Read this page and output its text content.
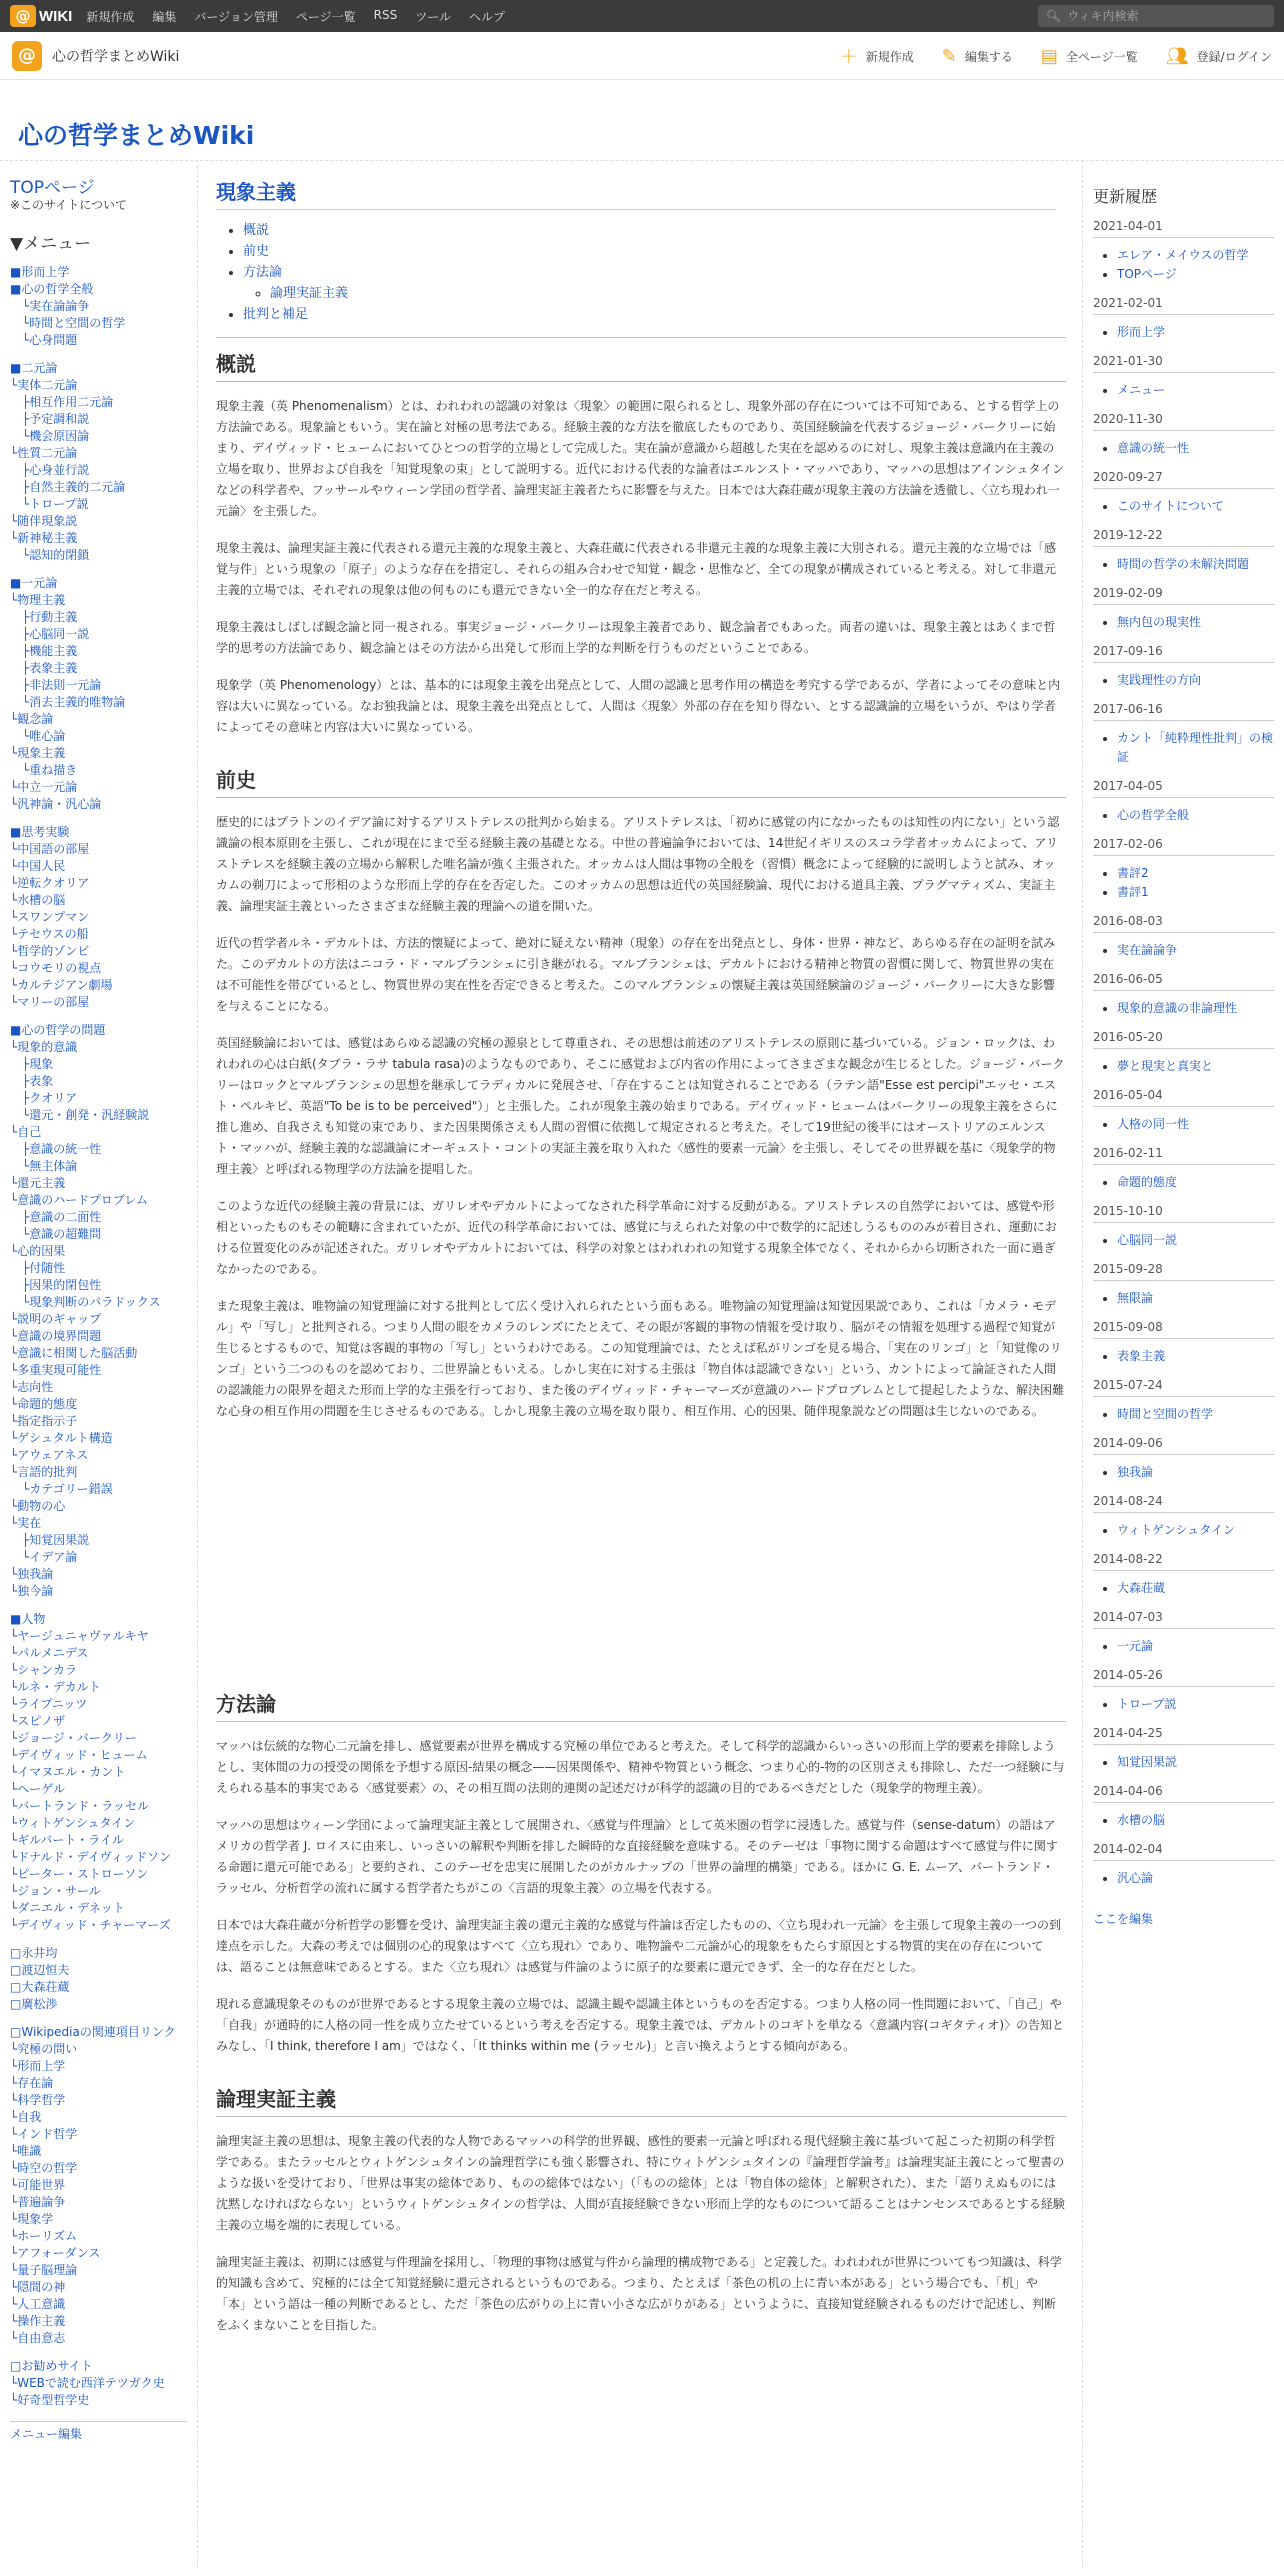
@ WIKI 新規作成 編集 バージョン管理 ページ一覧 RSS ツール ヘルプ	🔍︎
ウィキ内検索
@	心の哲学まとめWiki	＋ 新規作成 ✎ 編集する ▤ 全ページ一覧 👥︎ 登録/ログイン
心の哲学まとめWiki
TOPページ
※このサイトについて
▼メニュー
■形而上学
■心の哲学全般
　└実在論論争
　└時間と空間の哲学
　└心身問題
■二元論
└実体二元論
　├相互作用二元論
　├予定調和説
　└機会原因論
└性質二元論
　├心身並行説
　├自然主義的二元論
　└トロープ説
└随伴現象説
└新神秘主義
　└認知的閉鎖
■一元論
└物理主義
　├行動主義
　├心脳同一説
　├機能主義
　├表象主義
　├非法則一元論
　└消去主義的唯物論
└観念論
　└唯心論
└現象主義
　└重ね描き
└中立一元論
└汎神論・汎心論
■思考実験
└中国語の部屋
└中国人民
└逆転クオリア
└水槽の脳
└スワンプマン
└テセウスの船
└哲学的ゾンビ
└コウモリの視点
└カルテジアン劇場
└マリーの部屋
■心の哲学の問題
└現象的意識
　├現象
　├表象
　├クオリア
　└還元・創発・汎経験説
└自己
　├意識の統一性
　└無主体論
└還元主義
└意識のハードプロブレム
　├意識の二面性
　└意識の超難問
└心的因果
　├付随性
　├因果的閉包性
　└現象判断のパラドックス
└説明のギャップ
└意識の境界問題
└意識に相関した脳活動
└多重実現可能性
└志向性
└命題的態度
└指定指示子
└ゲシュタルト構造
└アウェアネス
└言語的批判
　└カテゴリー錯誤
└動物の心
└実在
　├知覚因果説
　└イデア論
└独我論
└独今論
■人物
└ヤージュニャヴァルキヤ
└パルメニデス
└シャンカラ
└ルネ・デカルト
└ライプニッツ
└スピノザ
└ジョージ・バークリー
└デイヴィッド・ヒューム
└イマヌエル・カント
└ヘーゲル
└バートランド・ラッセル
└ウィトゲンシュタイン
└ギルバート・ライル
└ドナルド・デイヴィッドソン
└ピーター・ストローソン
└ジョン・サール
└ダニエル・デネット
└デイヴィッド・チャーマーズ
□永井均
□渡辺恒夫
□大森荘蔵
□廣松渉
□Wikipediaの関連項目リンク
└究極の問い
└形而上学
└存在論
└科学哲学
└自我
└インド哲学
└唯識
└時空の哲学
└可能世界
└普遍論争
└現象学
└ホーリズム
└アフォーダンス
└量子脳理論
└隠間の神
└人工意識
└操作主義
└自由意志
□お勧めサイト
└WEBで読む西洋テツガク史
└好奇型哲学史
メニュー編集
現象主義
• 概説
• 前史
• 方法論
◦ 論理実証主義
• 批判と補足
概説

現象主義（英 Phenomenalism）とは、われわれの認識の対象は〈現象〉の範囲に限られるとし、現象外部の存在については不可知である、とする哲学上の方法論である。現象論ともいう。実在論と対極の思考法である。経験主義的な方法を徹底したものであり、英国経験論を代表するジョージ・バークリーに始まり、デイヴィッド・ヒュームにおいてひとつの哲学的立場として完成した。実在論が意識から超越した実在を認めるのに対し、現象主義は意識内在主義の立場を取り、世界および自我を「知覚現象の束」として説明する。近代における代表的な論者はエルンスト・マッハであり、マッハの思想はアインシュタインなどの科学者や、フッサールやウィーン学団の哲学者、論理実証主義者たちに影響を与えた。日本では大森荘蔵が現象主義の方法論を透徹し、〈立ち現われ一元論〉を主張した。

現象主義は、論理実証主義に代表される還元主義的な現象主義と、大森荘蔵に代表される非還元主義的な現象主義に大別される。還元主義的な立場では「感覚与件」という現象の「原子」のような存在を措定し、それらの組み合わせで知覚・観念・思惟など、全ての現象が構成されていると考える。対して非還元主義的立場では、それぞれの現象は他の何ものにも還元できない全一的な存在だと考える。

現象主義はしばしば観念論と同一視される。事実ジョージ・バークリーは現象主義者であり、観念論者でもあった。両者の違いは、現象主義とはあくまで哲学的思考の方法論であり、観念論とはその方法から出発して形而上学的な判断を行うものだということである。

現象学（英 Phenomenology）とは、基本的には現象主義を出発点として、人間の認識と思考作用の構造を考究する学であるが、学者によってその意味と内容は大いに異なっている。なお独我論とは、現象主義を出発点として、人間は〈現象〉外部の存在を知り得ない、とする認識論的立場をいうが、やはり学者によってその意味と内容は大いに異なっている。

前史

歴史的にはプラトンのイデア論に対するアリストテレスの批判から始まる。アリストテレスは、「初めに感覚の内になかったものは知性の内にない」という認識論の根本原則を主張し、これが現在にまで至る経験主義の基礎となる。中世の普遍論争においては、14世紀イギリスのスコラ学者オッカムによって、アリストテレスを経験主義の立場から解釈した唯名論が強く主張された。オッカムは人間は事物の全般を（習慣）概念によって経験的に説明しようと試み、オッカムの剃刀によって形相のような形而上学的存在を否定した。このオッカムの思想は近代の英国経験論、現代における道具主義、プラグマティズム、実証主義、論理実証主義といったさまざまな経験主義的理論への道を開いた。

近代の哲学者ルネ・デカルトは、方法的懐疑によって、絶対に疑えない精神（現象）の存在を出発点とし、身体・世界・神など、あらゆる存在の証明を試みた。このデカルトの方法はニコラ・ド・マルブランシェに引き継がれる。マルブランシェは、デカルトにおける精神と物質の習慣に関して、物質世界の実在は不可能性を帯びているとし、物質世界の実在性を否定できると考えた。このマルブランシェの懐疑主義は英国経験論のジョージ・バークリーに大きな影響を与えることになる。

英国経験論においては、感覚はあらゆる認識の究極の源泉として尊重され、その思想は前述のアリストテレスの原則に基づいている。ジョン・ロックは、われわれの心は白紙(タブラ・ラサ tabula rasa)のようなものであり、そこに感覚および内省の作用によってさまざまな観念が生じるとした。ジョージ・バークリーはロックとマルブランシェの思想を継承してラディカルに発展させ、「存在することは知覚されることである（ラテン語"Esse est percipi"エッセ・エスト・ペルキピ、英語"To be is to be perceived"）」と主張した。これが現象主義の始まりである。デイヴィッド・ヒュームはバークリーの現象主義をさらに推し進め、自我さえも知覚の束であり、また因果関係さえも人間の習慣に依拠して規定されると考えた。そして19世紀の後半にはオーストリアのエルンスト・マッハが、経験主義的な認識論にオーギュスト・コントの実証主義を取り入れた〈感性的要素一元論〉を主張し、そしてその世界観を基に〈現象学的物理主義〉と呼ばれる物理学の方法論を提唱した。

このような近代の経験主義の背景には、ガリレオやデカルトによってなされた科学革命に対する反動がある。アリストテレスの自然学においては、感覚や形相といったものもその範疇に含まれていたが、近代の科学革命においては、感覚に与えられた対象の中で数学的に記述しうるもののみが着目され、運動における位置変化のみが記述された。ガリレオやデカルトにおいては、科学の対象とはわれわれの知覚する現象全体でなく、それからから切断された一面に過ぎなかったのである。

また現象主義は、唯物論の知覚理論に対する批判として広く受け入れられたという面もある。唯物論の知覚理論は知覚因果説であり、これは「カメラ・モデル」や「写し」と批判される。つまり人間の眼をカメラのレンズにたとえて、その眼が客観的事物の情報を受け取り、脳がその情報を処理する過程で知覚が生じるとするもので、知覚は客観的事物の「写し」というわけである。この知覚理論では、たとえば私がリンゴを見る場合、「実在のリンゴ」と「知覚像のリンゴ」という二つのものを認めており、二世界論ともいえる。しかし実在に対する主張は「物自体は認識できない」という、カントによって論証された人間の認識能力の限界を超えた形而上学的な主張を行っており、また後のデイヴィッド・チャーマーズが意識のハードプロブレムとして提起したような、解決困難な心身の相互作用の問題を生じさせるものである。しかし現象主義の立場を取り限り、相互作用、心的因果、随伴現象説などの問題は生じないのである。

方法論

マッハは伝統的な物心二元論を排し、感覚要素が世界を構成する究極の単位であると考えた。そして科学的認識からいっさいの形而上学的要素を排除しようとし、実体間の力の授受の関係を予想する原因-結果の概念——因果関係や、精神や物質という概念、つまり心的-物的の区別さえも排除し、ただ一つ経験に与えられる基本的事実である〈感覚要素〉の、その相互間の法則的連関の記述だけが科学的認識の目的であるべきだとした（現象学的物理主義）。

マッハの思想はウィーン学団によって論理実証主義として展開され、〈感覚与件理論〉として英米圏の哲学に浸透した。感覚与件（sense-datum）の語はアメリカの哲学者 J. ロイスに由来し、いっさいの解釈や判断を排した瞬時的な直接経験を意味する。そのテーゼは「事物に関する命題はすべて感覚与件に関する命題に還元可能である」と要約され、このテーゼを忠実に展開したのがカルナップの「世界の論理的構築」である。ほかに G. E. ムーア、バートランド・ラッセル、分析哲学の流れに属する哲学者たちがこの〈言語的現象主義〉の立場を代表する。

日本では大森荘蔵が分析哲学の影響を受け、論理実証主義の還元主義的な感覚与件論は否定したものの、〈立ち現われ一元論〉を主張して現象主義の一つの到達点を示した。大森の考えでは個別の心的現象はすべて〈立ち現れ〉であり、唯物論や二元論が心的現象をもたらす原因とする物質的実在の存在については、語ることは無意味であるとする。また〈立ち現れ〉は感覚与件論のように原子的な要素に還元できず、全一的な存在だとした。

現れる意識現象そのものが世界であるとする現象主義の立場では、認識主観や認識主体というものを否定する。つまり人格の同一性問題において、「自己」や「自我」が通時的に人格の同一性を成り立たせているという考えを否定する。現象主義では、デカルトのコギトを単なる〈意識内容(コギタティオ)〉の告知とみなし、「I think, therefore I am」ではなく、「It thinks within me (ラッセル)」と言い換えようとする傾向がある。

論理実証主義

論理実証主義の思想は、現象主義の代表的な人物であるマッハの科学的世界観、感性的要素一元論と呼ばれる現代経験主義に基づいて起こった初期の科学哲学である。またラッセルとウィトゲンシュタインの論理哲学にも強く影響され、特にウィトゲンシュタインの『論理哲学論考』は論理実証主義にとって聖書のような扱いを受けており、「世界は事実の総体であり、ものの総体ではない」（「ものの総体」とは「物自体の総体」と解釈された）、また「語りえぬものには沈黙しなければならない」というウィトゲンシュタインの哲学は、人間が直接経験できない形而上学的なものについて語ることはナンセンスであるとする経験主義の立場を端的に表現している。

論理実証主義は、初期には感覚与件理論を採用し、「物理的事物は感覚与件から論理的構成物である」と定義した。われわれが世界についてもつ知識は、科学的知識も含めて、究極的には全て知覚経験に還元されるというものである。つまり、たとえば「茶色の机の上に青い本がある」という場合でも、「机」や「本」という語は一種の判断であるとし、ただ「茶色の広がりの上に青い小さな広がりがある」というように、直接知覚経験されるものだけで記述し、判断をふくまないことを目指した。

更新履歴
2021-04-01
• エレア・メイウスの哲学
• TOPページ
2021-02-01
• 形而上学
2021-01-30
• メニュー
2020-11-30
• 意識の統一性
2020-09-27
• このサイトについて
2019-12-22
• 時間の哲学の未解決問題
2019-02-09
• 無内包の現実性
2017-09-16
• 実践理性の方向
2017-06-16
• カント「純粋理性批判」の検証
2017-04-05
• 心の哲学全般
2017-02-06
• 書評2
• 書評1
2016-08-03
• 実在論論争
2016-06-05
• 現象的意識の非論理性
2016-05-20
• 夢と現実と真実と
2016-05-04
• 人格の同一性
2016-02-11
• 命題的態度
2015-10-10
• 心脳同一説
2015-09-28
• 無限論
2015-09-08
• 表象主義
2015-07-24
• 時間と空間の哲学
2014-09-06
• 独我論
2014-08-24
• ウィトゲンシュタイン
2014-08-22
• 大森荘蔵
2014-07-03
• 一元論
2014-05-26
• トロープ説
2014-04-25
• 知覚因果説
2014-04-06
• 水槽の脳
2014-02-04
• 汎心論
ここを編集
